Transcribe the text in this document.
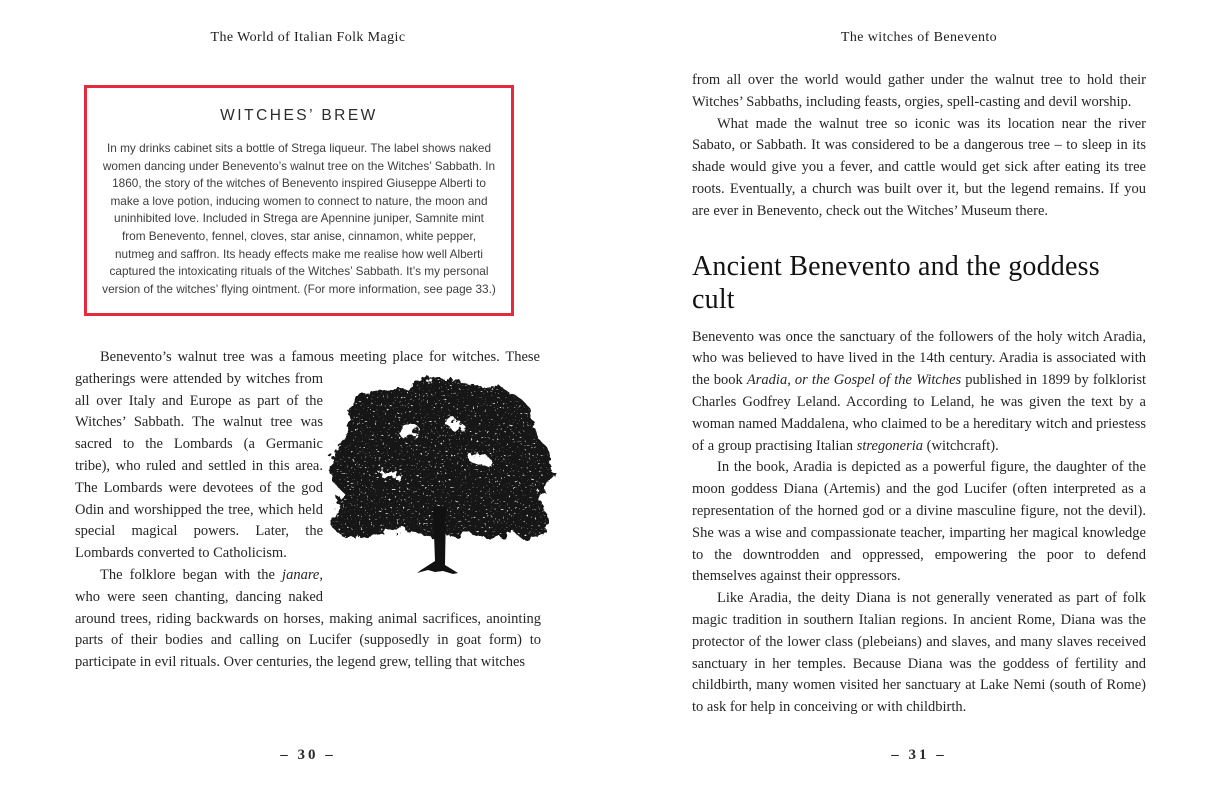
The World of Italian Folk Magic
WITCHES’ BREW
In my drinks cabinet sits a bottle of Strega liqueur. The label shows naked women dancing under Benevento’s walnut tree on the Witches’ Sabbath. In 1860, the story of the witches of Benevento inspired Giuseppe Alberti to make a love potion, inducing women to connect to nature, the moon and uninhibited love. Included in Strega are Apennine juniper, Samnite mint from Benevento, fennel, cloves, star anise, cinnamon, white pepper, nutmeg and saffron. Its heady effects make me realise how well Alberti captured the intoxicating rituals of the Witches’ Sabbath. It’s my personal version of the witches’ flying ointment. (For more information, see page 33.)

Benevento’s walnut tree was a famous meeting place for witches. These gatherings were attended by witches from all over Italy and Europe as part of the Witches’ Sabbath. The walnut tree was sacred to the Lombards (a Germanic tribe), who ruled and settled in this area. The Lombards were devotees of the god Odin and worshipped the tree, which held special magical powers. Later, the Lombards converted to Catholicism.

The folklore began with the janare, who were seen chanting, dancing naked around trees, riding backwards on horses, making animal sacrifices, anointing parts of their bodies and calling on Lucifer (supposedly in goat form) to participate in evil rituals. Over centuries, the legend grew, telling that witches

– 30 –
The witches of Benevento

from all over the world would gather under the walnut tree to hold their Witches’ Sabbaths, including feasts, orgies, spell-casting and devil worship.

What made the walnut tree so iconic was its location near the river Sabato, or Sabbath. It was considered to be a dangerous tree – to sleep in its shade would give you a fever, and cattle would get sick after eating its tree roots. Eventually, a church was built over it, but the legend remains. If you are ever in Benevento, check out the Witches’ Museum there.

Ancient Benevento and the goddess cult

Benevento was once the sanctuary of the followers of the holy witch Aradia, who was believed to have lived in the 14th century. Aradia is associated with the book Aradia, or the Gospel of the Witches published in 1899 by folklorist Charles Godfrey Leland. According to Leland, he was given the text by a woman named Maddalena, who claimed to be a hereditary witch and priestess of a group practising Italian stregoneria (witchcraft).

In the book, Aradia is depicted as a powerful figure, the daughter of the moon goddess Diana (Artemis) and the god Lucifer (often interpreted as a representation of the horned god or a divine masculine figure, not the devil). She was a wise and compassionate teacher, imparting her magical knowledge to the downtrodden and oppressed, empowering the poor to defend themselves against their oppressors.

Like Aradia, the deity Diana is not generally venerated as part of folk magic tradition in southern Italian regions. In ancient Rome, Diana was the protector of the lower class (plebeians) and slaves, and many slaves received sanctuary in her temples. Because Diana was the goddess of fertility and childbirth, many women visited her sanctuary at Lake Nemi (south of Rome) to ask for help in conceiving or with childbirth.

– 31 –
